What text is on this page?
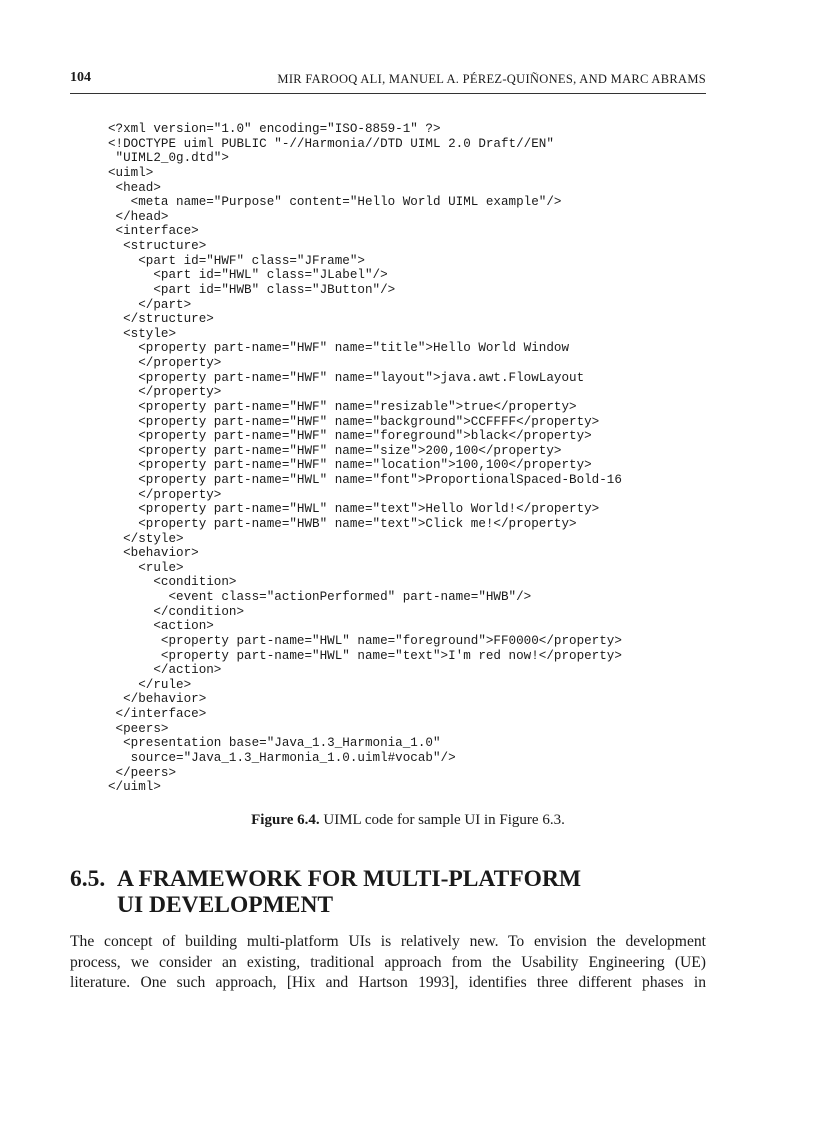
104	MIR FAROOQ ALI, MANUEL A. PÉREZ-QUIÑONES, AND MARC ABRAMS
<?xml version="1.0" encoding="ISO-8859-1" ?>
<!DOCTYPE uiml PUBLIC "-//Harmonia//DTD UIML 2.0 Draft//EN"
"UIML2_0g.dtd">
<uiml>
<head>
<meta name="Purpose" content="Hello World UIML example"/>
</head>
<interface>
<structure>
<part id="HWF" class="JFrame">
<part id="HWL" class="JLabel"/>
<part id="HWB" class="JButton"/>
</part>
</structure>
<style>
<property part-name="HWF" name="title">Hello World Window
</property>
<property part-name="HWF" name="layout">java.awt.FlowLayout
</property>
<property part-name="HWF" name="resizable">true</property>
<property part-name="HWF" name="background">CCFFFF</property>
<property part-name="HWF" name="foreground">black</property>
<property part-name="HWF" name="size">200,100</property>
<property part-name="HWF" name="location">100,100</property>
<property part-name="HWL" name="font">ProportionalSpaced-Bold-16
</property>
<property part-name="HWL" name="text">Hello World!</property>
<property part-name="HWB" name="text">Click me!</property>
</style>
<behavior>
<rule>
<condition>
<event class="actionPerformed" part-name="HWB"/>
</condition>
<action>
<property part-name="HWL" name="foreground">FF0000</property>
<property part-name="HWL" name="text">I'm red now!</property>
</action>
</rule>
</behavior>
</interface>
<peers>
<presentation base="Java_1.3_Harmonia_1.0"
source="Java_1.3_Harmonia_1.0.uiml#vocab"/>
</peers>
</uiml>
Figure 6.4. UIML code for sample UI in Figure 6.3.
6.5. A FRAMEWORK FOR MULTI-PLATFORM
UI DEVELOPMENT
The concept of building multi-platform UIs is relatively new. To envision the development
process, we consider an existing, traditional approach from the Usability Engineering (UE)
literature. One such approach, [Hix and Hartson 1993], identifies three different phases in
